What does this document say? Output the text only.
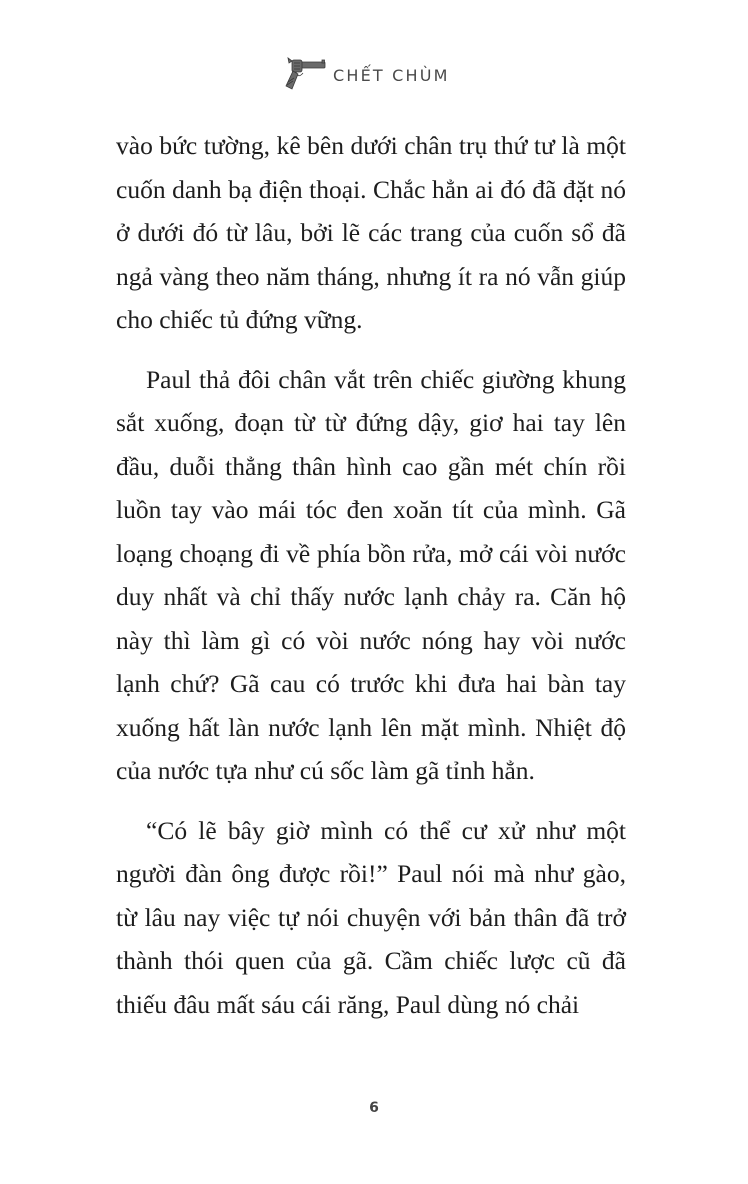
CHẾT CHÙM

vào bức tường, kê bên dưới chân trụ thứ tư là một cuốn danh bạ điện thoại. Chắc hẳn ai đó đã đặt nó ở dưới đó từ lâu, bởi lẽ các trang của cuốn sổ đã ngả vàng theo năm tháng, nhưng ít ra nó vẫn giúp cho chiếc tủ đứng vững.

Paul thả đôi chân vắt trên chiếc giường khung sắt xuống, đoạn từ từ đứng dậy, giơ hai tay lên đầu, duỗi thẳng thân hình cao gần mét chín rồi luồn tay vào mái tóc đen xoăn tít của mình. Gã loạng choạng đi về phía bồn rửa, mở cái vòi nước duy nhất và chỉ thấy nước lạnh chảy ra. Căn hộ này thì làm gì có vòi nước nóng hay vòi nước lạnh chứ? Gã cau có trước khi đưa hai bàn tay xuống hất làn nước lạnh lên mặt mình. Nhiệt độ của nước tựa như cú sốc làm gã tỉnh hẳn.

“Có lẽ bây giờ mình có thể cư xử như một người đàn ông được rồi!” Paul nói mà như gào, từ lâu nay việc tự nói chuyện với bản thân đã trở thành thói quen của gã. Cầm chiếc lược cũ đã thiếu đâu mất sáu cái răng, Paul dùng nó chải

6
